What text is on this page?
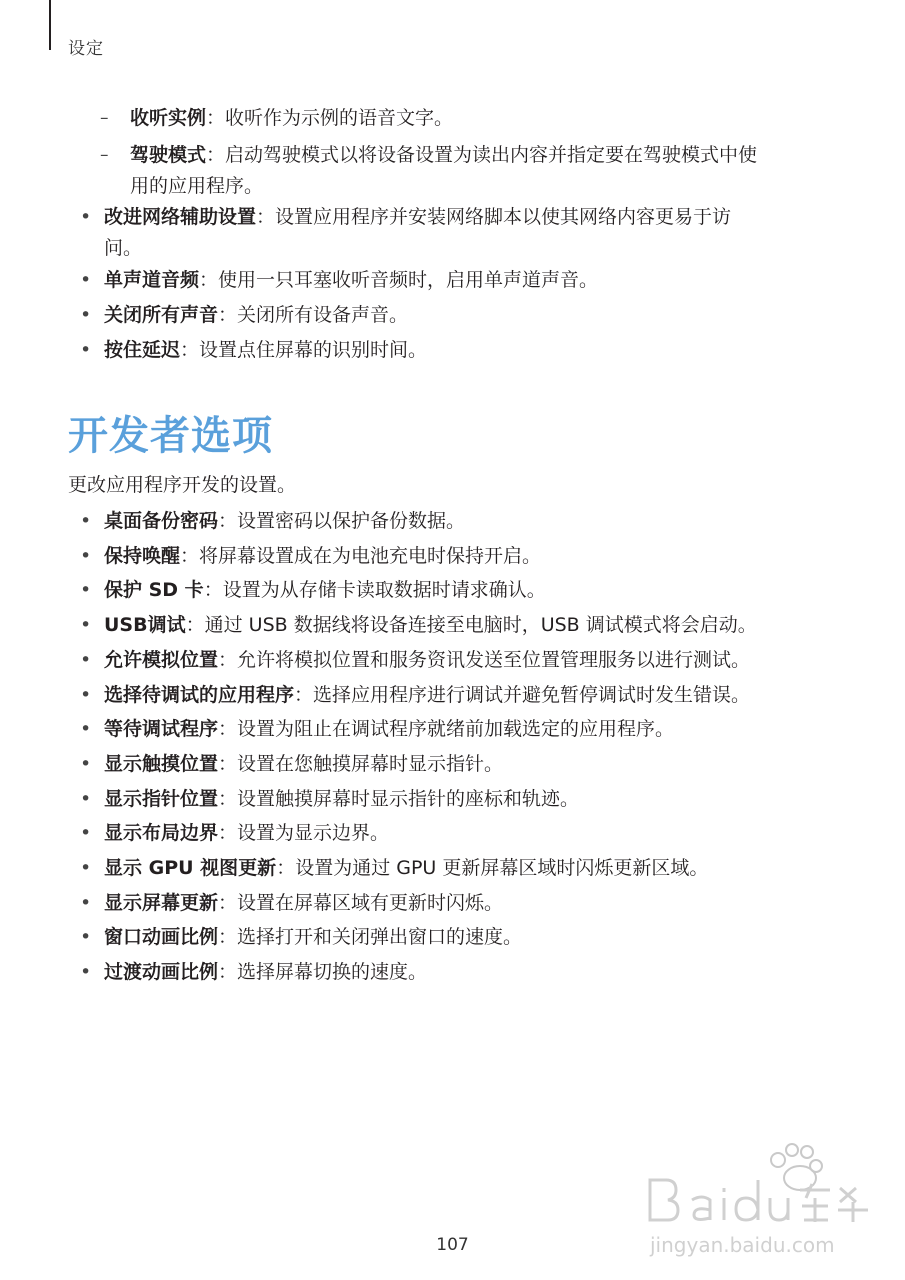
设定
– 收听实例：收听作为示例的语音文字。
– 驾驶模式：启动驾驶模式以将设备设置为读出内容并指定要在驾驶模式中使
用的应用程序。
• 改进网络辅助设置：设置应用程序并安装网络脚本以使其网络内容更易于访
问。
• 单声道音频：使用一只耳塞收听音频时，启用单声道声音。
• 关闭所有声音：关闭所有设备声音。
• 按住延迟：设置点住屏幕的识别时间。
开发者选项
更改应用程序开发的设置。
• 桌面备份密码：设置密码以保护备份数据。
• 保持唤醒：将屏幕设置成在为电池充电时保持开启。
• 保护 SD 卡：设置为从存储卡读取数据时请求确认。
• USB调试：通过 USB 数据线将设备连接至电脑时，USB 调试模式将会启动。
• 允许模拟位置：允许将模拟位置和服务资讯发送至位置管理服务以进行测试。
• 选择待调试的应用程序：选择应用程序进行调试并避免暂停调试时发生错误。
• 等待调试程序：设置为阻止在调试程序就绪前加载选定的应用程序。
• 显示触摸位置：设置在您触摸屏幕时显示指针。
• 显示指针位置：设置触摸屏幕时显示指针的座标和轨迹。
• 显示布局边界：设置为显示边界。
• 显示 GPU 视图更新：设置为通过 GPU 更新屏幕区域时闪烁更新区域。
• 显示屏幕更新：设置在屏幕区域有更新时闪烁。
• 窗口动画比例：选择打开和关闭弹出窗口的速度。
• 过渡动画比例：选择屏幕切换的速度。
107	jingyan.baidu.com
